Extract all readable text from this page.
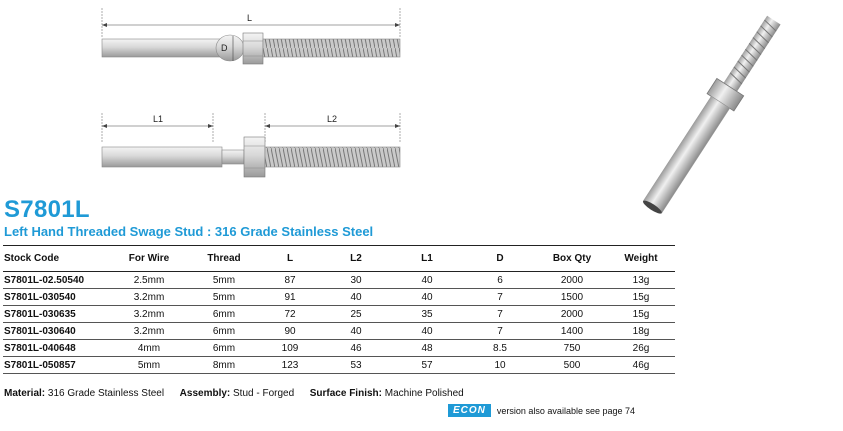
L
D
L1	L2
S7801L
Left Hand Threaded Swage Stud : 316 Grade Stainless Steel
Stock Code	For Wire	Thread	L	L2	L1	D	Box Qty	Weight
S7801L-02.50540	2.5mm	5mm	87	30	40	6	2000	13g
S7801L-030540	3.2mm	5mm	91	40	40	7	1500	15g
S7801L-030635	3.2mm	6mm	72	25	35	7	2000	15g
S7801L-030640	3.2mm	6mm	90	40	40	7	1400	18g
S7801L-040648	4mm	6mm	109	46	48	8.5	750	26g
S7801L-050857	5mm	8mm	123	53	57	10	500	46g
Material: 316 Grade Stainless Steel Assembly: Stud - Forged Surface Finish: Machine Polished
ECON	version also available see page 74
